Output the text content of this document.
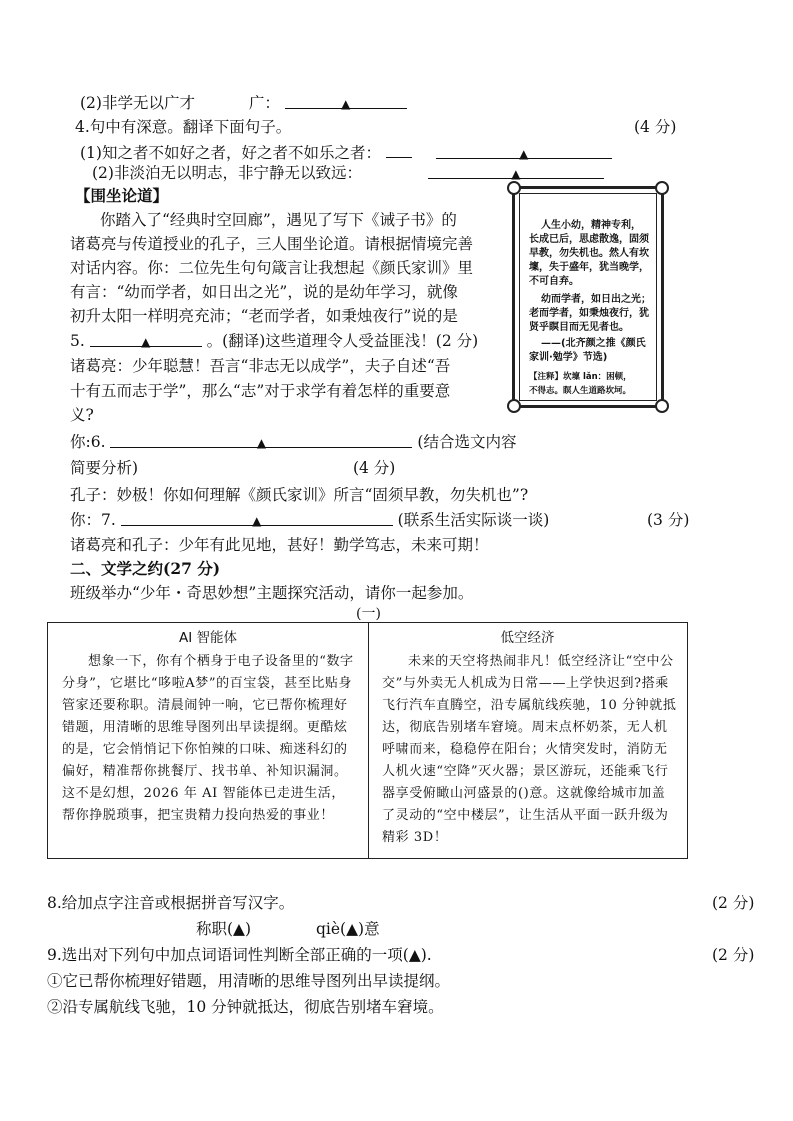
(2)非学无以广才	广：	▲
4.句中有深意。翻译下面句子。	(4 分)
(1)知之者不如好之者，好之者不如乐之者：	▲
(2)非淡泊无以明志，非宁静无以致远：	▲
【围坐论道】
你踏入了“经典时空回廊”，遇见了写下《诫子书》的
诸葛亮与传道授业的孔子，三人围坐论道。请根据情境完善
对话内容。你：二位先生句句箴言让我想起《颜氏家训》里
有言：“幼而学者，如日出之光”，说的是幼年学习，就像
初升太阳一样明亮充沛；“老而学者，如秉烛夜行”说的是
5.	▲	。(翻译)这些道理令人受益匪浅！(2 分)
诸葛亮：少年聪慧！吾言“非志无以成学”，夫子自述“吾
十有五而志于学”，那么“志”对于求学有着怎样的重要意
义?
你:6.	▲	(结合选文内容
简要分析)	(4 分)
孔子：妙极！你如何理解《颜氏家训》所言“固须早教，勿失机也”?
你：7.	▲	(联系生活实际谈一谈)	(3 分)
诸葛亮和孔子：少年有此见地，甚好！勤学笃志，未来可期！
二、文学之约(27 分)
班级举办“少年・奇思妙想”主题探究活动，请你一起参加。
(一)
人生小幼，精神专利，
长成已后，思虑散逸，固须
早教，勿失机也。然人有坎
壈，失于盛年，犹当晚学，
不可自弃。
幼而学者，如日出之光；
老而学者，如秉烛夜行，犹
贤乎瞑目而无见者也。
——(北齐颜之推《颜氏
家训·勉学》节选)
【注释】坎壈 lǎn：困顿，
不得志。瞑人生道路坎坷。
AI 智能体
想象一下，你有个栖身于电子设备里的“数字分身”，它堪比“哆啦A梦”的百宝袋，甚至比贴身管家还要称职。清晨闹钟一响，它已帮你梳理好错题，用清晰的思维导图列出早读提纲。更酷炫的是，它会悄悄记下你怕辣的口味、痴迷科幻的偏好，精准帮你挑餐厅、找书单、补知识漏洞。这不是幻想，2026 年 AI 智能体已走进生活，帮你挣脱琐事，把宝贵精力投向热爱的事业！
低空经济
未来的天空将热闹非凡！低空经济让“空中公交”与外卖无人机成为日常——上学快迟到?搭乘飞行汽车直腾空，沿专属航线疾驰，10 分钟就抵达，彻底告别堵车窘境。周末点杯奶茶，无人机呼啸而来，稳稳停在阳台；火情突发时，消防无人机火速“空降”灭火器；景区游玩，还能乘飞行器享受俯瞰山河盛景的()意。这就像给城市加盖了灵动的“空中楼层”，让生活从平面一跃升级为精彩 3D！
8.给加点字注音或根据拼音写汉字。	(2 分)
称职(▲)	qiè(▲)意
9.选出对下列句中加点词语词性判断全部正确的一项(▲).	(2 分)
①它已帮你梳理好错题，用清晰的思维导图列出早读提纲。
②沿专属航线飞驰，10 分钟就抵达，彻底告别堵车窘境。
